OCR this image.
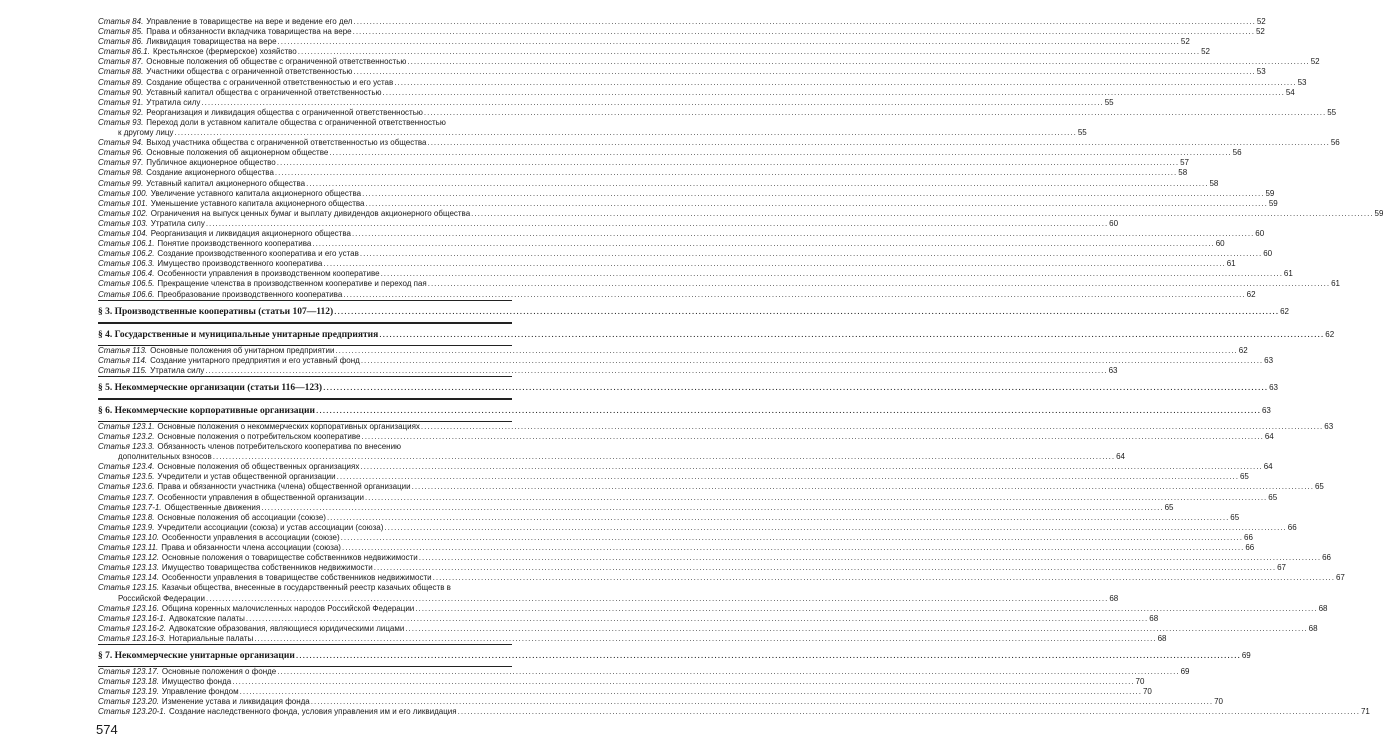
Статья 84. Управление в товариществе на вере и ведение его дел .....	52
Статья 85. Права и обязанности вкладчика товарищества на вере .....	52
Статья 86. Ликвидация товарищества на вере .....	52
Статья 86.1. Крестьянское (фермерское) хозяйство .....	52
Статья 87. Основные положения об обществе с ограниченной ответственностью .....	52
Статья 88. Участники общества с ограниченной ответственностью .....	53
Статья 89. Создание общества с ограниченной ответственностью и его устав .....	53
Статья 90. Уставный капитал общества с ограниченной ответственностью .....	54
Статья 91. Утратила силу .....	55
Статья 92. Реорганизация и ликвидация общества с ограниченной ответственностью .....	55
Статья 93. Переход доли в уставном капитале общества с ограниченной ответственностью
к другому лицу .....	55
Статья 94. Выход участника общества с ограниченной ответственностью из общества .....	56
Статья 96. Основные положения об акционерном обществе .....	56
Статья 97. Публичное акционерное общество .....	57
Статья 98. Создание акционерного общества .....	58
Статья 99. Уставный капитал акционерного общества .....	58
Статья 100. Увеличение уставного капитала акционерного общества .....	59
Статья 101. Уменьшение уставного капитала акционерного общества .....	59
Статья 102. Ограничения на выпуск ценных бумаг и выплату дивидендов акционерного общества .....	59
Статья 103. Утратила силу .....	60
Статья 104. Реорганизация и ликвидация акционерного общества .....	60
Статья 106.1. Понятие производственного кооператива .....	60
Статья 106.2. Создание производственного кооператива и его устав .....	60
Статья 106.3. Имущество производственного кооператива .....	61
Статья 106.4. Особенности управления в производственном кооперативе .....	61
Статья 106.5. Прекращение членства в производственном кооперативе и переход пая .....	61
Статья 106.6. Преобразование производственного кооператива .....	62
§ 3. Производственные кооперативы (статьи 107—112) .....	62
§ 4. Государственные и муниципальные унитарные предприятия .....	62
Статья 113. Основные положения об унитарном предприятии .....	62
Статья 114. Создание унитарного предприятия и его уставный фонд .....	63
Статья 115. Утратила силу .....	63
§ 5. Некоммерческие организации (статьи 116—123) .....	63
§ 6. Некоммерческие корпоративные организации .....	63
Статья 123.1. Основные положения о некоммерческих корпоративных организациях .....	63
Статья 123.2. Основные положения о потребительском кооперативе .....	64
Статья 123.3. Обязанность членов потребительского кооператива по внесению
дополнительных взносов .....	64
Статья 123.4. Основные положения об общественных организациях .....	64
Статья 123.5. Учредители и устав общественной организации .....	65
Статья 123.6. Права и обязанности участника (члена) общественной организации .....	65
Статья 123.7. Особенности управления в общественной организации .....	65
Статья 123.7-1. Общественные движения .....	65
Статья 123.8. Основные положения об ассоциации (союзе) .....	65
Статья 123.9. Учредители ассоциации (союза) и устав ассоциации (союза) .....	66
Статья 123.10. Особенности управления в ассоциации (союзе) .....	66
Статья 123.11. Права и обязанности члена ассоциации (союза) .....	66
Статья 123.12. Основные положения о товариществе собственников недвижимости .....	66
Статья 123.13. Имущество товарищества собственников недвижимости .....	67
Статья 123.14. Особенности управления в товариществе собственников недвижимости .....	67
Статья 123.15. Казачьи общества, внесенные в государственный реестр казачьих обществ в
Российской Федерации .....	68
Статья 123.16. Община коренных малочисленных народов Российской Федерации .....	68
Статья 123.16-1. Адвокатские палаты .....	68
Статья 123.16-2. Адвокатские образования, являющиеся юридическими лицами .....	68
Статья 123.16-3. Нотариальные палаты .....	68
§ 7. Некоммерческие унитарные организации .....	69
Статья 123.17. Основные положения о фонде .....	69
Статья 123.18. Имущество фонда .....	70
Статья 123.19. Управление фондом .....	70
Статья 123.20. Изменение устава и ликвидация фонда .....	70
Статья 123.20-1. Создание наследственного фонда, условия управления им и его ликвидация .....	71
574
